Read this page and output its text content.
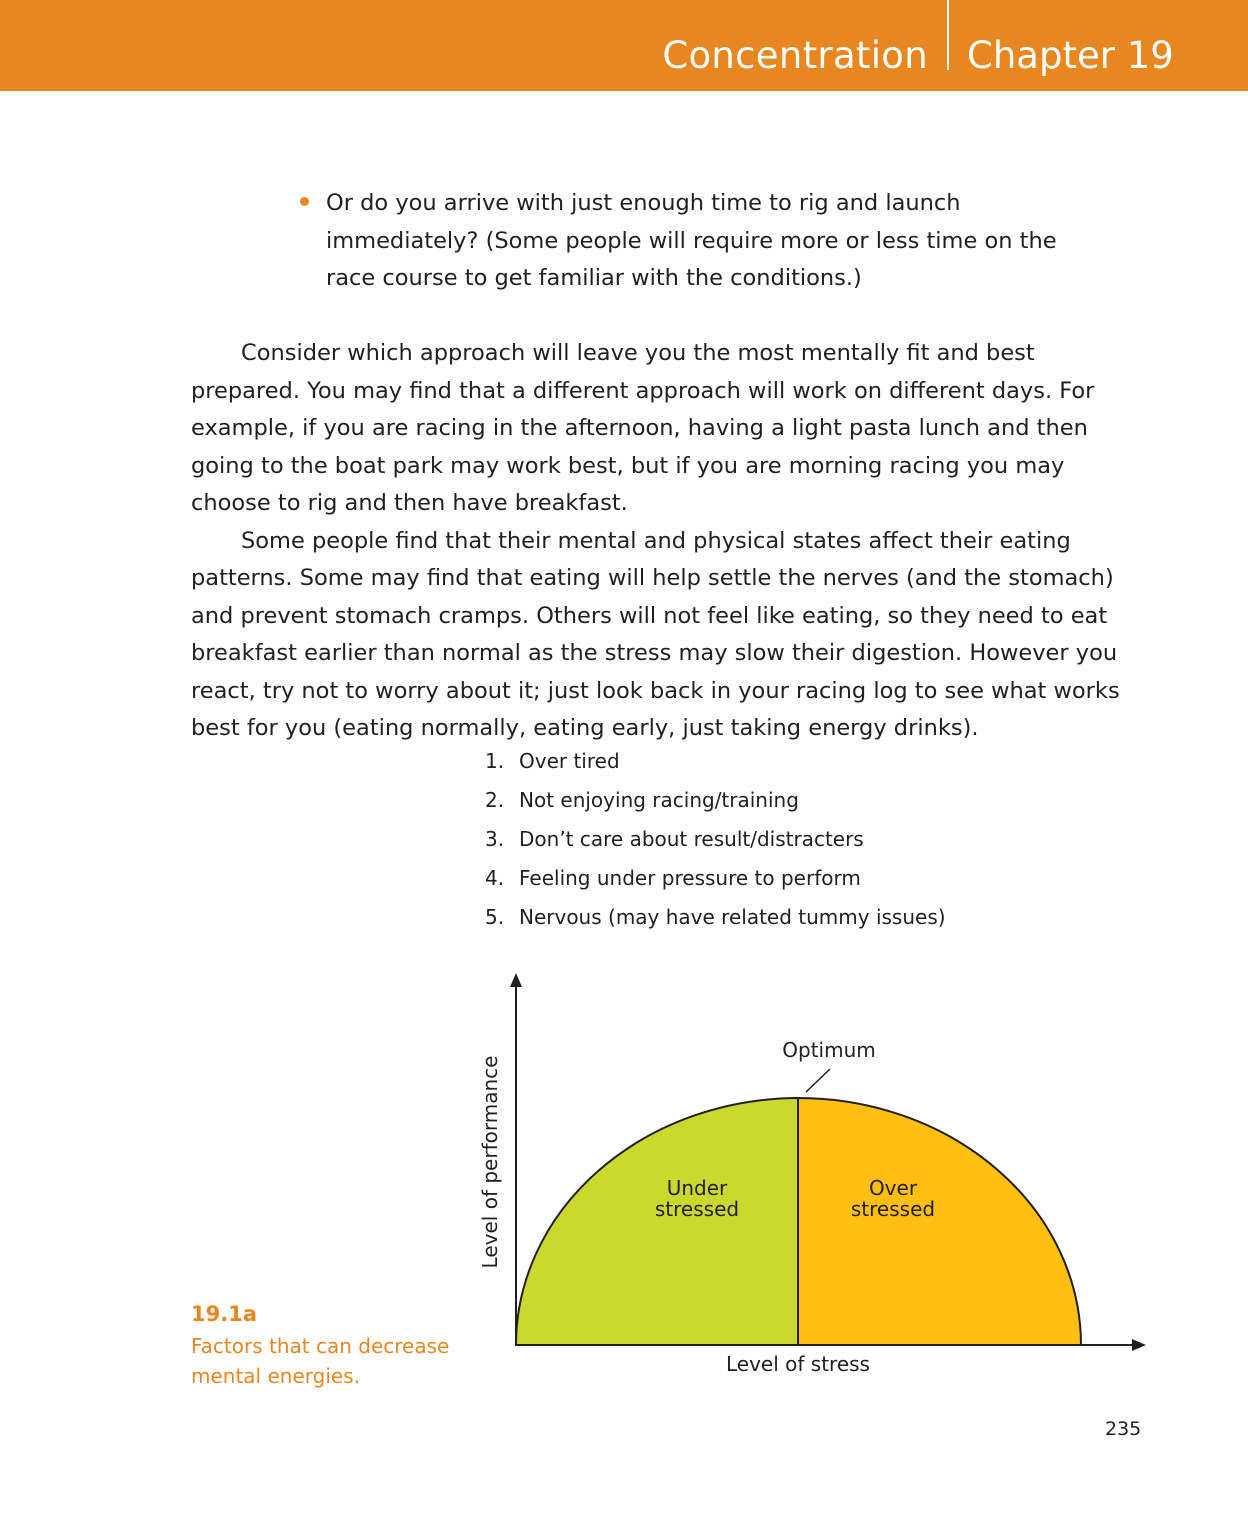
Concentration Chapter 19
Or do you arrive with just enough time to rig and launch immediately? (Some people will require more or less time on the race course to get familiar with the conditions.)

Consider which approach will leave you the most mentally fit and best prepared. You may find that a different approach will work on different days. For example, if you are racing in the afternoon, having a light pasta lunch and then going to the boat park may work best, but if you are morning racing you may choose to rig and then have breakfast.

Some people find that their mental and physical states affect their eating patterns. Some may find that eating will help settle the nerves (and the stomach) and prevent stomach cramps. Others will not feel like eating, so they need to eat breakfast earlier than normal as the stress may slow their digestion. However you react, try not to worry about it; just look back in your racing log to see what works best for you (eating normally, eating early, just taking energy drinks).

1. Over tired
2. Not enjoying racing/training
3. Don’t care about result/distracters
4. Feeling under pressure to perform
5. Nervous (may have related tummy issues)
Optimum
Under
stressed
Over
stressed
Level of stress
Level of performance
19.1a
Factors that can decrease mental energies.
235
